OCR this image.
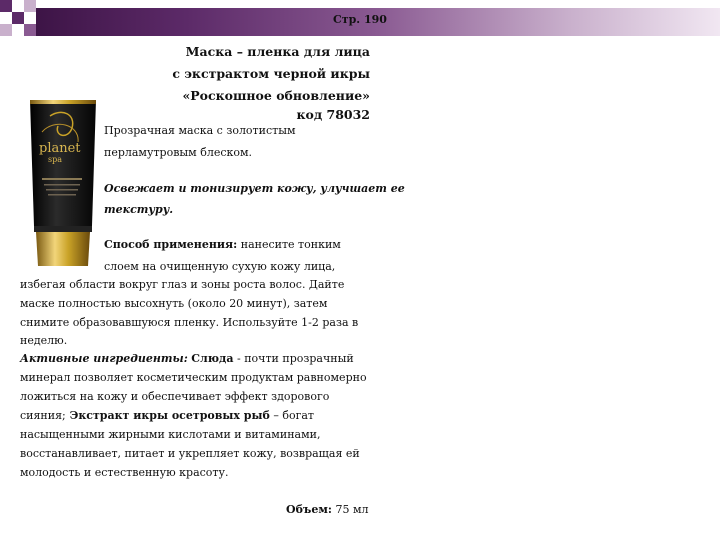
Стр. 190
Маска – пленка для лица
с экстрактом черной икры
«Роскошное обновление»
код 78032
planet
spa
Прозрачная маска с золотистым
перламутровым блеском.
Освежает и тонизирует кожу, улучшает ее
текстуру.
Способ применения: нанесите тонким
слоем на очищенную сухую кожу лица,
избегая области вокруг глаз и зоны роста волос. Дайте
маске полностью высохнуть (около 20 минут), затем
снимите образовавшуюся пленку. Используйте 1-2 раза в
неделю.
Активные ингредиенты: Слюда - почти прозрачный
минерал позволяет косметическим продуктам равномерно
ложиться на кожу и обеспечивает эффект здорового
сияния; Экстракт икры осетровых рыб – богат
насыщенными жирными кислотами и витаминами,
восстанавливает, питает и укрепляет кожу, возвращая ей
молодость и естественную красоту.
Объем: 75 мл
